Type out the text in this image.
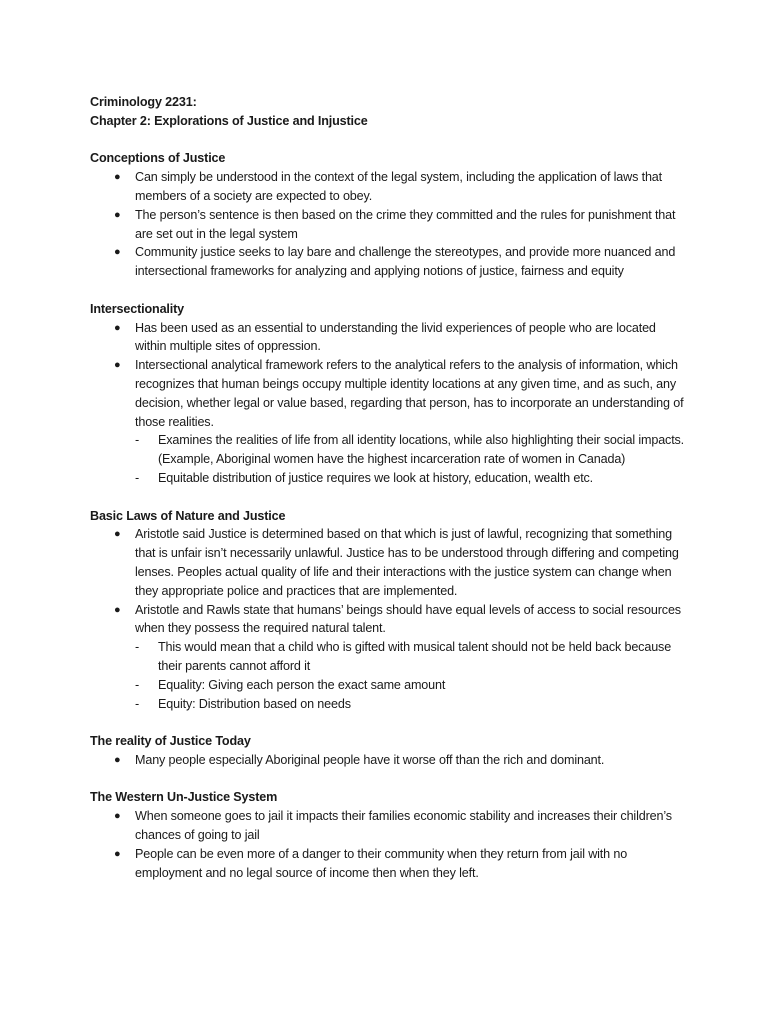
Criminology 2231:

Chapter 2: Explorations of Justice and Injustice

Conceptions of Justice

● Can simply be understood in the context of the legal system, including the application of laws that members of a society are expected to obey.
● The person’s sentence is then based on the crime they committed and the rules for punishment that are set out in the legal system
● Community justice seeks to lay bare and challenge the stereotypes, and provide more nuanced and intersectional frameworks for analyzing and applying notions of justice, fairness and equity

Intersectionality

● Has been used as an essential to understanding the livid experiences of people who are located within multiple sites of oppression.
● Intersectional analytical framework refers to the analytical refers to the analysis of information, which recognizes that human beings occupy multiple identity locations at any given time, and as such, any decision, whether legal or value based, regarding that person, has to incorporate an understanding of those realities.
- Examines the realities of life from all identity locations, while also highlighting their social impacts. (Example, Aboriginal women have the highest incarceration rate of women in Canada)
- Equitable distribution of justice requires we look at history, education, wealth etc.

Basic Laws of Nature and Justice

● Aristotle said Justice is determined based on that which is just of lawful, recognizing that something that is unfair isn’t necessarily unlawful. Justice has to be understood through differing and competing lenses. Peoples actual quality of life and their interactions with the justice system can change when they appropriate police and practices that are implemented.
● Aristotle and Rawls state that humans’ beings should have equal levels of access to social resources when they possess the required natural talent.
- This would mean that a child who is gifted with musical talent should not be held back because their parents cannot afford it
- Equality: Giving each person the exact same amount
- Equity: Distribution based on needs

The reality of Justice Today

● Many people especially Aboriginal people have it worse off than the rich and dominant.

The Western Un-Justice System

● When someone goes to jail it impacts their families economic stability and increases their children’s chances of going to jail
● People can be even more of a danger to their community when they return from jail with no employment and no legal source of income then when they left.
